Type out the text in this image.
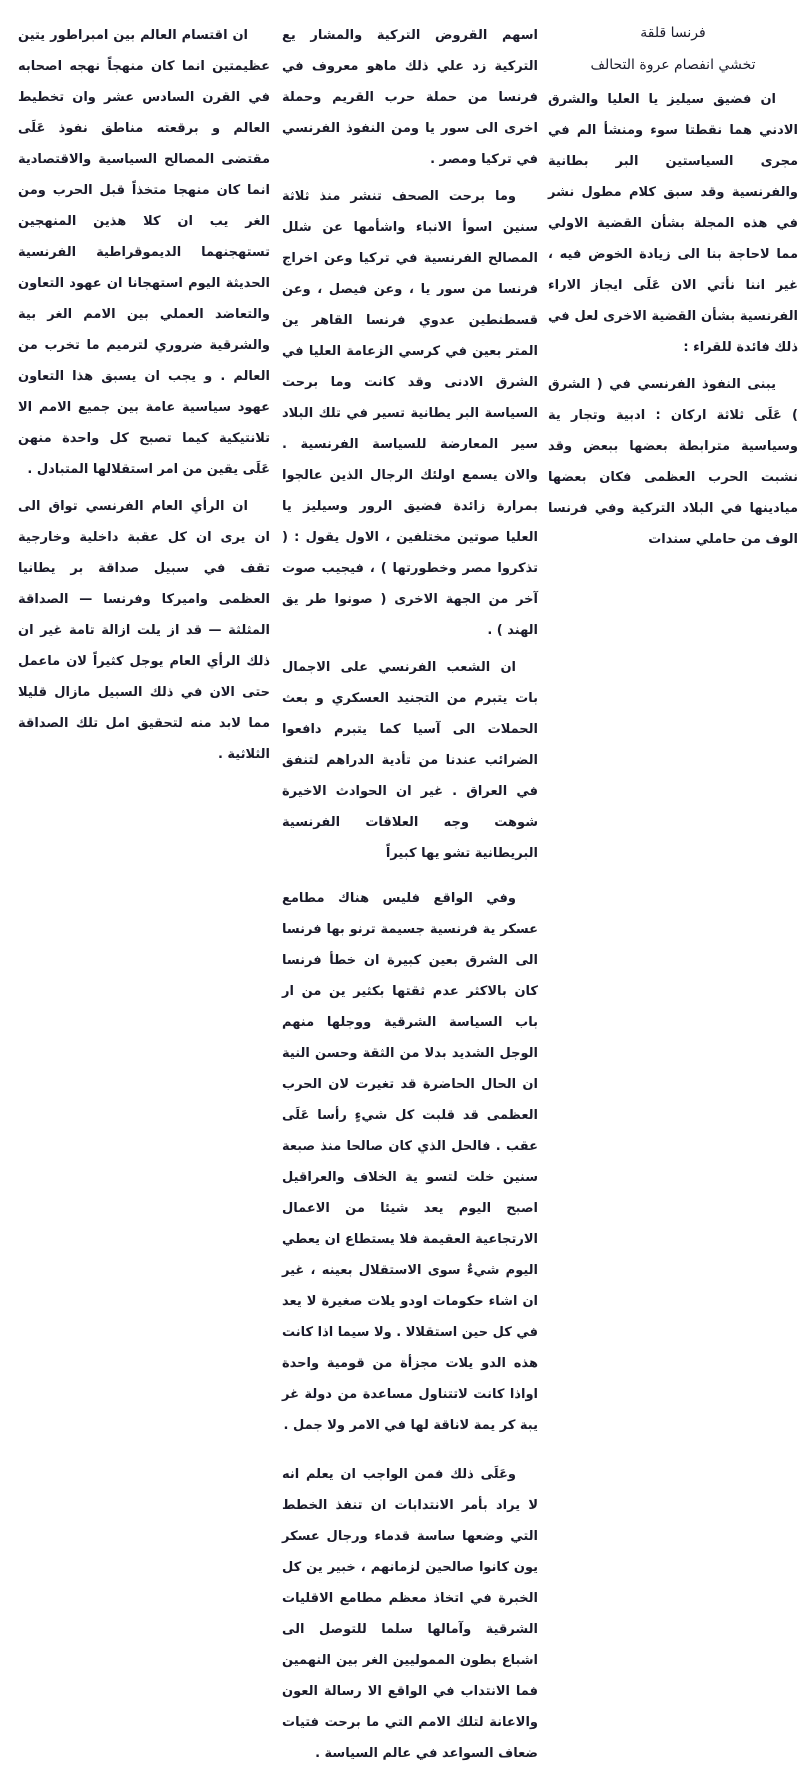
فرنسا قلقة
تخشي انفصام عروة التحالف

ان فضيق سيليز يا العليا والشرق الادني هما نقطتا سوء ومنشأ الم في مجرى السياستين البر بطانية والفرنسية وقد سبق كلام مطول نشر في هذه المجلة بشأن القضية الاولي مما لاحاجة بنا الى زيادة الخوض فيه ، غير اننا نأتي الان عَلَى ايجاز الاراء الفرنسية بشأن القضية الاخرى لعل في ذلك فائدة للقراء :

يبنى النفوذ الفرنسي في ( الشرق ) عَلَى ثلاثة اركان : ادبية وتجار ية وسياسية مترابطة بعضها ببعض وقد نشبت الحرب العظمى فكان بعضها ميادينها في البلاد التركية وفي فرنسا الوف من حاملي سندات

اسهم القروض التركية والمشار يع التركية زد علي ذلك ماهو معروف في فرنسا من حملة حرب القريم وحملة اخرى الى سور يا ومن النفوذ الفرنسي في تركيا ومصر .

وما برحت الصحف تنشر منذ ثلاثة سنين اسوأ الانباء واشأمها عن شلل المصالح الفرنسية في تركيا وعن اخراج فرنسا من سور يا ، وعن فيصل ، وعن قسطنطين عدوي فرنسا القاهر ين المتر بعين في كرسي الزعامة العليا في الشرق الادنى وقد كانت وما برحت السياسة البر يطانية تسير في تلك البلاد سير المعارضة للسياسة الفرنسية . والان يسمع اولئك الرجال الذين عالجوا بمرارة زائدة فضيق الرور وسيليز يا العليا صوتين مختلفين ، الاول يقول : ( تذكروا مصر وخطورتها ) ، فيجيب صوت آخر من الجهة الاخرى ( صونوا طر يق الهند ) .

ان الشعب الفرنسي على الاجمال بات يتبرم من التجنيد العسكري و بعث الحملات الى آسيا كما يتبرم دافعوا الضرائب عندنا من تأدية الدراهم لتنفق في العراق . غير ان الحوادث الاخيرة شوهت وجه العلاقات الفرنسية البريطانية تشو يها كبيراً

وفي الواقع فليس هناك مطامع عسكر ية فرنسية جسيمة ترنو بها فرنسا الى الشرق بعين كبيرة ان خطأ فرنسا كان بالاكثر عدم ثقتها بكثير ين من ار باب السياسة الشرقية ووجلها منهم الوجل الشديد بدلا من الثقة وحسن النية ان الحال الحاضرة قد تغيرت لان الحرب العظمى قد قلبت كل شيءٍ رأسا عَلَى عقب . فالحل الذي كان صالحا منذ صبعة سنين خلت لتسو ية الخلاف والعراقيل اصبح اليوم يعد شيئا من الاعمال الارتجاعية العقيمة فلا يستطاع ان يعطي اليوم شيءٌ سوى الاستقلال بعينه ، غير ان اشاء حكومات اودو يلات صغيرة لا يعد في كل حين استقلالا . ولا سيما اذا كانت هذه الدو يلات مجزأة من قومية واحدة اواذا كانت لاتتناول مساعدة من دولة غر يبة كر يمة لاناقة لها في الامر ولا جمل .

وعَلَى ذلك فمن الواجب ان يعلم انه لا يراد بأمر الانتدابات ان تنفذ الخطط التي وضعها ساسة قدماء ورجال عسكر يون كانوا صالحين لزمانهم ، خبير ين كل الخبرة في اتخاذ معظم مطامع الاقليات الشرقية وآمالها سلما للتوصل الى اشباع بطون المموليين الغر بين النهمين فما الانتداب في الواقع الا رسالة العون والاعانة لتلك الامم التي ما برحت فتيات ضعاف السواعد في عالم السياسة .

ان اقتسام العالم بين امبراطور يتين عظيمتين انما كان منهجاً نهجه اصحابه في القرن السادس عشر وان تخطيط العالم و برقعته مناطق نفوذ عَلَى مقتضى المصالح السياسية والاقتصادية انما كان منهجا متخذاً قبل الحرب ومن الغر يب ان كلا هذين المنهجين تستهجنهما الديموقراطية الفرنسية الحديثة اليوم استهجانا ان عهود التعاون والتعاضد العملي بين الامم الغر بية والشرقية ضروري لترميم ما تخرب من العالم . و يجب ان يسبق هذا التعاون عهود سياسية عامة بين جميع الامم الا تلانتيكية كيما تصبح كل واحدة منهن عَلَى يقين من امر استقلالها المتبادل .

ان الرأي العام الفرنسي تواق الى ان يرى ان كل عقبة داخلية وخارجية تقف في سبيل صداقة بر يطانيا العظمى واميركا وفرنسا — الصداقة المثلثة — قد از يلت ازالة تامة غير ان ذلك الرأي العام يوجل كثيراً لان ماعمل حتى الان في ذلك السبيل مازال قليلا مما لابد منه لتحقيق امل تلك الصداقة الثلاثية .
